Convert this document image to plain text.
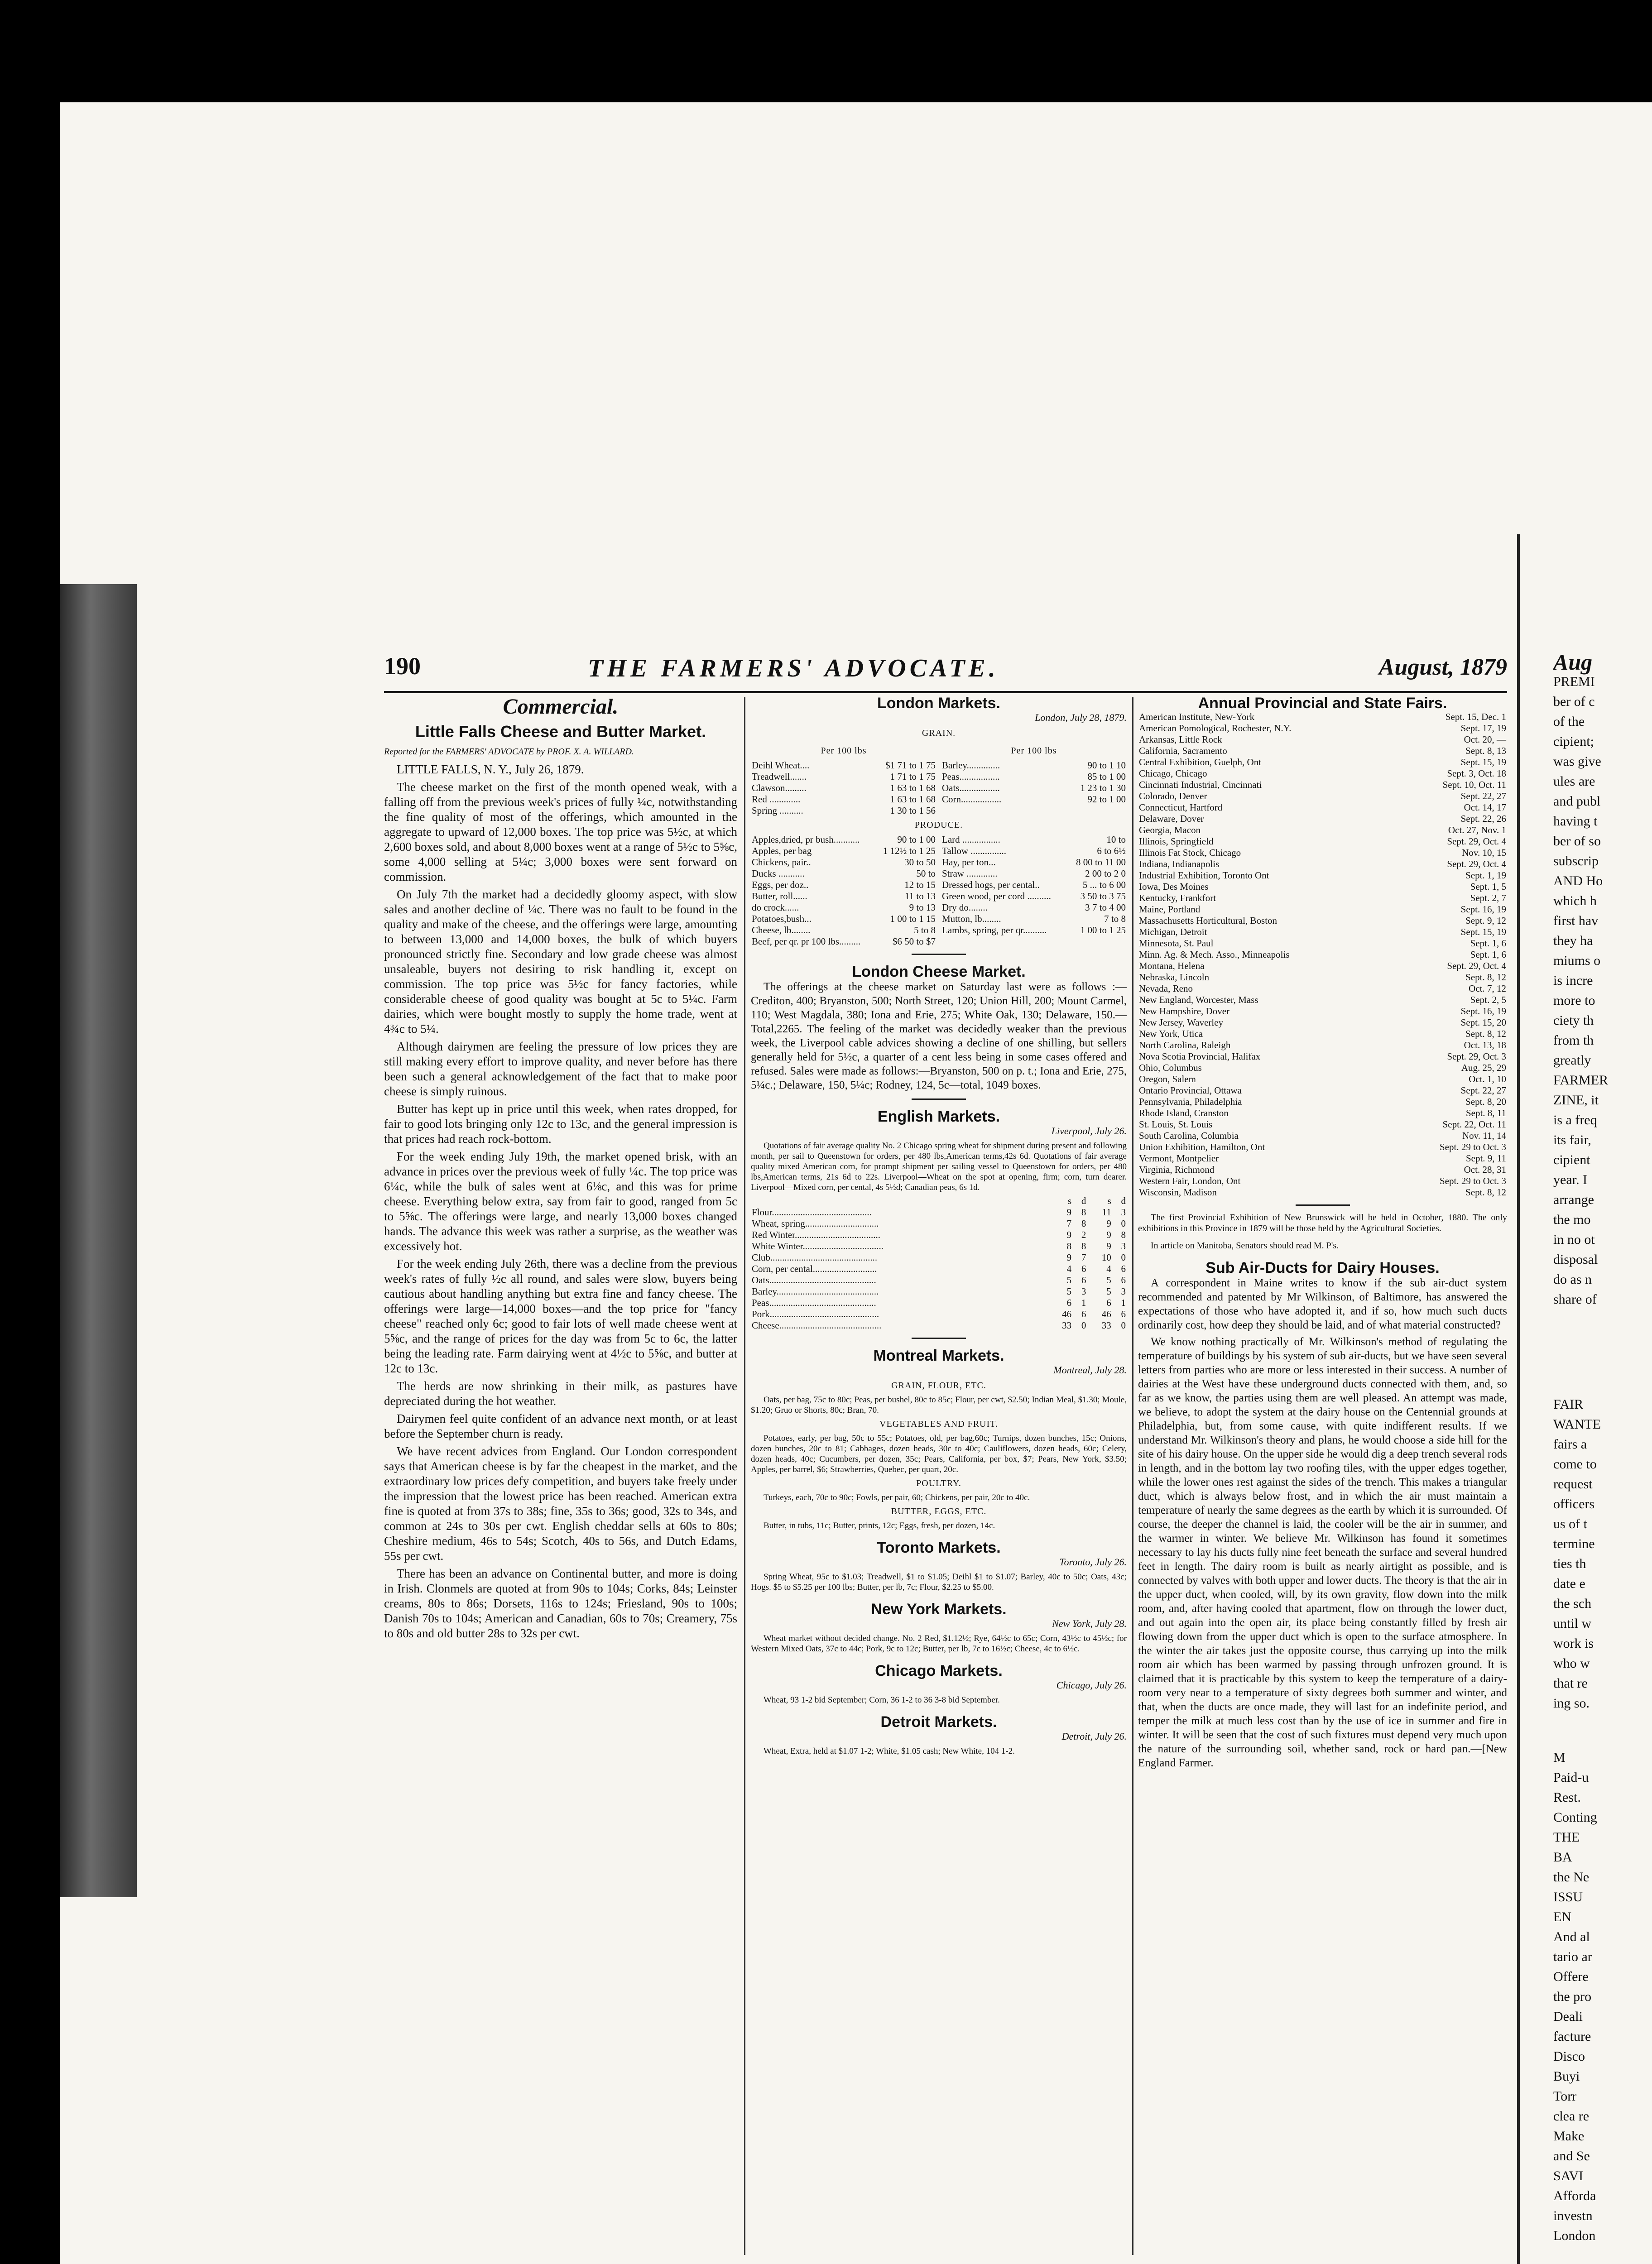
190	THE FARMERS' ADVOCATE.	August, 1879
Commercial.
Little Falls Cheese and Butter Market.
Reported for the FARMERS' ADVOCATE by PROF. X. A. WILLARD.

LITTLE FALLS, N. Y., July 26, 1879.

The cheese market on the first of the month opened weak, with a falling off from the previous week's prices of fully ¼c, notwithstanding the fine quality of most of the offerings, which amounted in the aggregate to upward of 12,000 boxes. The top price was 5½c, at which 2,600 boxes sold, and about 8,000 boxes went at a range of 5½c to 5⅝c, some 4,000 selling at 5¼c; 3,000 boxes were sent forward on commission.

On July 7th the market had a decidedly gloomy aspect, with slow sales and another decline of ¼c. There was no fault to be found in the quality and make of the cheese, and the offerings were large, amounting to between 13,000 and 14,000 boxes, the bulk of which buyers pronounced strictly fine. Secondary and low grade cheese was almost unsaleable, buyers not desiring to risk handling it, except on commission. The top price was 5½c for fancy factories, while considerable cheese of good quality was bought at 5c to 5¼c. Farm dairies, which were bought mostly to supply the home trade, went at 4¾c to 5¼.

Although dairymen are feeling the pressure of low prices they are still making every effort to improve quality, and never before has there been such a general acknowledgement of the fact that to make poor cheese is simply ruinous.

Butter has kept up in price until this week, when rates dropped, for fair to good lots bringing only 12c to 13c, and the general impression is that prices had reach rock-bottom.

For the week ending July 19th, the market opened brisk, with an advance in prices over the previous week of fully ¼c. The top price was 6¼c, while the bulk of sales went at 6⅛c, and this was for prime cheese. Everything below extra, say from fair to good, ranged from 5c to 5⅝c. The offerings were large, and nearly 13,000 boxes changed hands. The advance this week was rather a surprise, as the weather was excessively hot.

For the week ending July 26th, there was a decline from the previous week's rates of fully ½c all round, and sales were slow, buyers being cautious about handling anything but extra fine and fancy cheese. The offerings were large—14,000 boxes—and the top price for "fancy cheese" reached only 6c; good to fair lots of well made cheese went at 5⅝c, and the range of prices for the day was from 5c to 6c, the latter being the leading rate. Farm dairying went at 4½c to 5⅝c, and butter at 12c to 13c.

The herds are now shrinking in their milk, as pastures have depreciated during the hot weather.

Dairymen feel quite confident of an advance next month, or at least before the September churn is ready.

We have recent advices from England. Our London correspondent says that American cheese is by far the cheapest in the market, and the extraordinary low prices defy competition, and buyers take freely under the impression that the lowest price has been reached. American extra fine is quoted at from 37s to 38s; fine, 35s to 36s; good, 32s to 34s, and common at 24s to 30s per cwt. English cheddar sells at 60s to 80s; Cheshire medium, 46s to 54s; Scotch, 40s to 56s, and Dutch Edams, 55s per cwt.

There has been an advance on Continental butter, and more is doing in Irish. Clonmels are quoted at from 90s to 104s; Corks, 84s; Leinster creams, 80s to 86s; Dorsets, 116s to 124s; Friesland, 90s to 100s; Danish 70s to 104s; American and Canadian, 60s to 70s; Creamery, 75s to 80s and old butter 28s to 32s per cwt.

London Markets.
London, July 28, 1879.
GRAIN.
Per 100 lbs
Deihl Wheat....	$1 71 to 1 75
Treadwell.......	1 71 to 1 75
Clawson.........	1 63 to 1 68
Red .............	1 63 to 1 68
Spring ..........	1 30 to 1 56
Per 100 lbs
Barley..............	90 to 1 10
Peas.................	85 to 1 00
Oats.................	1 23 to 1 30
Corn.................	92 to 1 00
PRODUCE.
Apples,dried, pr bush...........	90 to 1 00
Apples, per bag	1 12½ to 1 25
Chickens, pair..	30 to 50
Ducks ...........	50 to
Eggs, per doz..	12 to 15
Butter, roll......	11 to 13
do crock......	9 to 13
Potatoes,bush...	1 00 to 1 15
Cheese, lb........	5 to 8
Beef, per qr. pr 100 lbs.........	$6 50 to $7
Lard ................	10 to
Tallow ...............	6 to 6½
Hay, per ton...	8 00 to 11 00
Straw .............	2 00 to 2 0
Dressed hogs, per cental..	5 ... to 6 00
Green wood, per cord ..........	3 50 to 3 75
Dry do........	3 7 to 4 00
Mutton, lb........	7 to 8
Lambs, spring, per qr..........	1 00 to 1 25
London Cheese Market.

The offerings at the cheese market on Saturday last were as follows :—Crediton, 400; Bryanston, 500; North Street, 120; Union Hill, 200; Mount Carmel, 110; West Magdala, 380; Iona and Erie, 275; White Oak, 130; Delaware, 150.—Total,2265. The feeling of the market was decidedly weaker than the previous week, the Liverpool cable advices showing a decline of one shilling, but sellers generally held for 5½c, a quarter of a cent less being in some cases offered and refused. Sales were made as follows:—Bryanston, 500 on p. t.; Iona and Erie, 275, 5¼c.; Delaware, 150, 5¼c; Rodney, 124, 5c—total, 1049 boxes.

English Markets.
Liverpool, July 26.

Quotations of fair average quality No. 2 Chicago spring wheat for shipment during present and following month, per sail to Queenstown for orders, per 480 lbs,American terms,42s 6d. Quotations of fair average quality mixed American corn, for prompt shipment per sailing vessel to Queenstown for orders, per 480 lbs,American terms, 21s 6d to 22s. Liverpool—Wheat on the spot at opening, firm; corn, turn dearer. Liverpool—Mixed corn, per cental, 4s 5½d; Canadian peas, 6s 1d.

	s	d	s	d
Flour..........................................	9	8	11	3
Wheat, spring...............................	7	8	9	0
Red Winter....................................	9	2	9	8
White Winter..................................	8	8	9	3
Club.............................................	9	7	10	0
Corn, per cental...........................	4	6	4	6
Oats.............................................	5	6	5	6
Barley...........................................	5	3	5	3
Peas.............................................	6	1	6	1
Pork..............................................	46	6	46	6
Cheese...........................................	33	0	33	0
Montreal Markets.
Montreal, July 28.
GRAIN, FLOUR, ETC.

Oats, per bag, 75c to 80c; Peas, per bushel, 80c to 85c; Flour, per cwt, $2.50; Indian Meal, $1.30; Moule, $1.20; Gruo or Shorts, 80c; Bran, 70.

VEGETABLES AND FRUIT.

Potatoes, early, per bag, 50c to 55c; Potatoes, old, per bag,60c; Turnips, dozen bunches, 15c; Onions, dozen bunches, 20c to 81; Cabbages, dozen heads, 30c to 40c; Cauliflowers, dozen heads, 60c; Celery, dozen heads, 40c; Cucumbers, per dozen, 35c; Pears, California, per box, $7; Pears, New York, $3.50; Apples, per barrel, $6; Strawberries, Quebec, per quart, 20c.

POULTRY.

Turkeys, each, 70c to 90c; Fowls, per pair, 60; Chickens, per pair, 20c to 40c.

BUTTER, EGGS, ETC.

Butter, in tubs, 11c; Butter, prints, 12c; Eggs, fresh, per dozen, 14c.

Toronto Markets.
Toronto, July 26.

Spring Wheat, 95c to $1.03; Treadwell, $1 to $1.05; Deihl $1 to $1.07; Barley, 40c to 50c; Oats, 43c; Hogs. $5 to $5.25 per 100 lbs; Butter, per lb, 7c; Flour, $2.25 to $5.00.

New York Markets.
New York, July 28.

Wheat market without decided change. No. 2 Red, $1.12½; Rye, 64½c to 65c; Corn, 43½c to 45½c; for Western Mixed Oats, 37c to 44c; Pork, 9c to 12c; Butter, per lb, 7c to 16½c; Cheese, 4c to 6½c.

Chicago Markets.
Chicago, July 26.

Wheat, 93 1-2 bid September; Corn, 36 1-2 to 36 3-8 bid September.

Detroit Markets.
Detroit, July 26.

Wheat, Extra, held at $1.07 1-2; White, $1.05 cash; New White, 104 1-2.

Annual Provincial and State Fairs.
American Institute, New-York	Sept. 15, Dec. 1
American Pomological, Rochester, N.Y.	Sept. 17, 19
Arkansas, Little Rock	Oct. 20, —
California, Sacramento	Sept. 8, 13
Central Exhibition, Guelph, Ont	Sept. 15, 19
Chicago, Chicago	Sept. 3, Oct. 18
Cincinnati Industrial, Cincinnati	Sept. 10, Oct. 11
Colorado, Denver	Sept. 22, 27
Connecticut, Hartford	Oct. 14, 17
Delaware, Dover	Sept. 22, 26
Georgia, Macon	Oct. 27, Nov. 1
Illinois, Springfield	Sept. 29, Oct. 4
Illinois Fat Stock, Chicago	Nov. 10, 15
Indiana, Indianapolis	Sept. 29, Oct. 4
Industrial Exhibition, Toronto Ont	Sept. 1, 19
Iowa, Des Moines	Sept. 1, 5
Kentucky, Frankfort	Sept. 2, 7
Maine, Portland	Sept. 16, 19
Massachusetts Horticultural, Boston	Sept. 9, 12
Michigan, Detroit	Sept. 15, 19
Minnesota, St. Paul	Sept. 1, 6
Minn. Ag. & Mech. Asso., Minneapolis	Sept. 1, 6
Montana, Helena	Sept. 29, Oct. 4
Nebraska, Lincoln	Sept. 8, 12
Nevada, Reno	Oct. 7, 12
New England, Worcester, Mass	Sept. 2, 5
New Hampshire, Dover	Sept. 16, 19
New Jersey, Waverley	Sept. 15, 20
New York, Utica	Sept. 8, 12
North Carolina, Raleigh	Oct. 13, 18
Nova Scotia Provincial, Halifax	Sept. 29, Oct. 3
Ohio, Columbus	Aug. 25, 29
Oregon, Salem	Oct. 1, 10
Ontario Provincial, Ottawa	Sept. 22, 27
Pennsylvania, Philadelphia	Sept. 8, 20
Rhode Island, Cranston	Sept. 8, 11
St. Louis, St. Louis	Sept. 22, Oct. 11
South Carolina, Columbia	Nov. 11, 14
Union Exhibition, Hamilton, Ont	Sept. 29 to Oct. 3
Vermont, Montpelier	Sept. 9, 11
Virginia, Richmond	Oct. 28, 31
Western Fair, London, Ont	Sept. 29 to Oct. 3
Wisconsin, Madison	Sept. 8, 12

The first Provincial Exhibition of New Brunswick will be held in October, 1880. The only exhibitions in this Province in 1879 will be those held by the Agricultural Societies.

In article on Manitoba, Senators should read M. P's.

Sub Air-Ducts for Dairy Houses.

A correspondent in Maine writes to know if the sub air-duct system recommended and patented by Mr Wilkinson, of Baltimore, has answered the expectations of those who have adopted it, and if so, how much such ducts ordinarily cost, how deep they should be laid, and of what material constructed?

We know nothing practically of Mr. Wilkinson's method of regulating the temperature of buildings by his system of sub air-ducts, but we have seen several letters from parties who are more or less interested in their success. A number of dairies at the West have these underground ducts connected with them, and, so far as we know, the parties using them are well pleased. An attempt was made, we believe, to adopt the system at the dairy house on the Centennial grounds at Philadelphia, but, from some cause, with quite indifferent results. If we understand Mr. Wilkinson's theory and plans, he would choose a side hill for the site of his dairy house. On the upper side he would dig a deep trench several rods in length, and in the bottom lay two roofing tiles, with the upper edges together, while the lower ones rest against the sides of the trench. This makes a triangular duct, which is always below frost, and in which the air must maintain a temperature of nearly the same degrees as the earth by which it is surrounded. Of course, the deeper the channel is laid, the cooler will be the air in summer, and the warmer in winter. We believe Mr. Wilkinson has found it sometimes necessary to lay his ducts fully nine feet beneath the surface and several hundred feet in length. The dairy room is built as nearly airtight as possible, and is connected by valves with both upper and lower ducts. The theory is that the air in the upper duct, when cooled, will, by its own gravity, flow down into the milk room, and, after having cooled that apartment, flow on through the lower duct, and out again into the open air, its place being constantly filled by fresh air flowing down from the upper duct which is open to the surface atmosphere. In the winter the air takes just the opposite course, thus carrying up into the milk room air which has been warmed by passing through unfrozen ground. It is claimed that it is practicable by this system to keep the temperature of a dairy-room very near to a temperature of sixty degrees both summer and winter, and that, when the ducts are once made, they will last for an indefinite period, and temper the milk at much less cost than by the use of ice in summer and fire in winter. It will be seen that the cost of such fixtures must depend very much upon the nature of the surrounding soil, whether sand, rock or hard pan.—[New England Farmer.

Aug
PREMI
ber of c
of the
cipient;
was give
ules are
and publ
having t
ber of so
subscrip
AND Ho
which h
first hav
they ha
miums o
is incre
more to
ciety th
from th
greatly
FARMER
ZINE, it
is a freq
its fair,
cipient
year. I
arrange
the mo
in no ot
disposal
do as n
share of
FAIR
WANTE
fairs a
come to
request
officers
us of t
termine
ties th
date e
the sch
until w
work is
who w
that re
ing so.
M
Paid-u
Rest.
Conting
THE
BA
the Ne
ISSU
EN
And al
tario ar
Offere
the pro
Deali
facture
Disco
Buyi
Torr
clea re
Make
and Se
SAVI
Afforda
investn
London
